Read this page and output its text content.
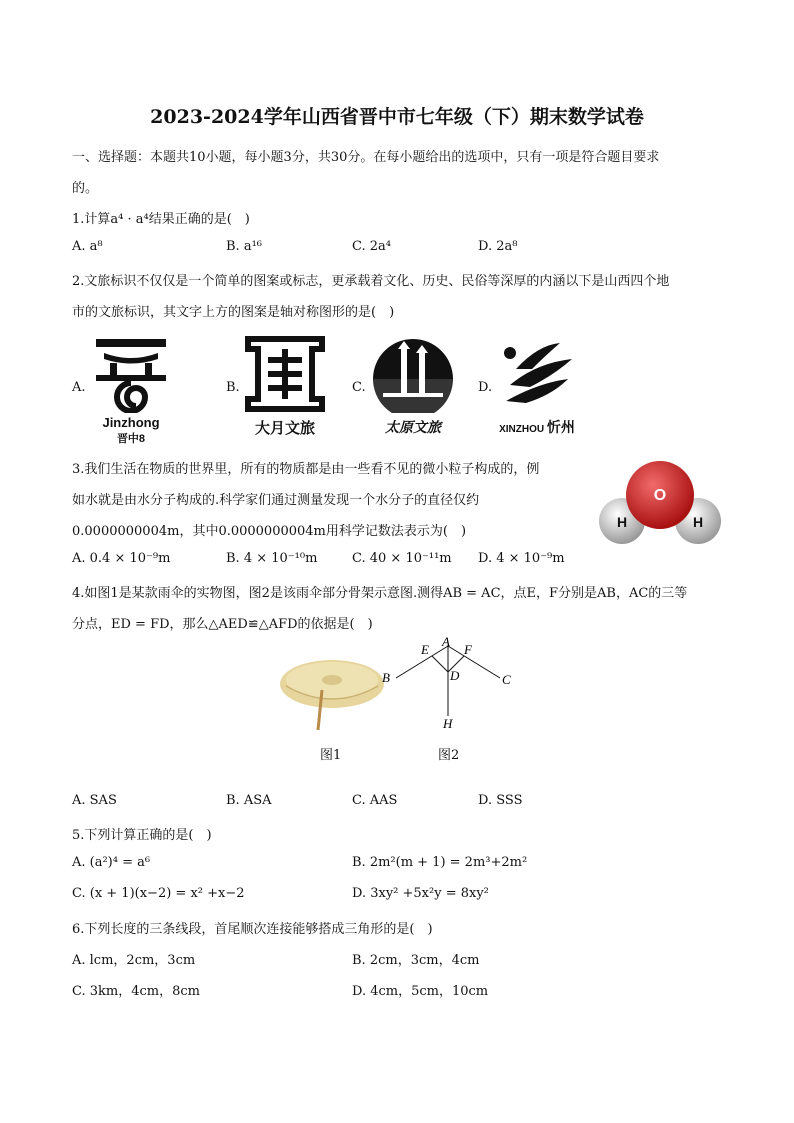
2023-2024学年山西省晋中市七年级（下）期末数学试卷
一、选择题：本题共10小题，每小题3分，共30分。在每小题给出的选项中，只有一项是符合题目要求
的。
1.计算a⁴ · a⁴结果正确的是(　)
A. a⁸	B. a¹⁶	C. 2a⁴	D. 2a⁸
2.文旅标识不仅仅是一个简单的图案或标志，更承载着文化、历史、民俗等深厚的内涵以下是山西四个地
市的文旅标识，其文字上方的图案是轴对称图形的是(　)
A.	B.	C.	D.
Jinzhong
晋中8
大月文旅	太原文旅	XINZHOU 忻州
3.我们生活在物质的世界里，所有的物质都是由一些看不见的微小粒子构成的，例
如水就是由水分子构成的.科学家们通过测量发现一个水分子的直径仅约
0.0000000004m，其中0.0000000004m用科学记数法表示为(　)
O
H	H
A. 0.4 × 10⁻⁹m	B. 4 × 10⁻¹⁰m	C. 40 × 10⁻¹¹m D. 4 × 10⁻⁹m
4.如图1是某款雨伞的实物图，图2是该雨伞部分骨架示意图.测得AB = AC，点E，F分别是AB，AC的三等
分点，ED = FD，那么△AED≌△AFD的依据是(　)
A
B	C
D
E	F
H
图1	图2
A. SAS	B. ASA	C. AAS	D. SSS
5.下列计算正确的是(　)
A. (a²)⁴ = a⁶	B. 2m²(m + 1) = 2m³+2m²
C. (x + 1)(x−2) = x² +x−2	D. 3xy² +5x²y = 8xy²
6.下列长度的三条线段，首尾顺次连接能够搭成三角形的是(　)
A. lcm，2cm，3cm	B. 2cm，3cm，4cm
C. 3km，4cm，8cm	D. 4cm，5cm，10cm
